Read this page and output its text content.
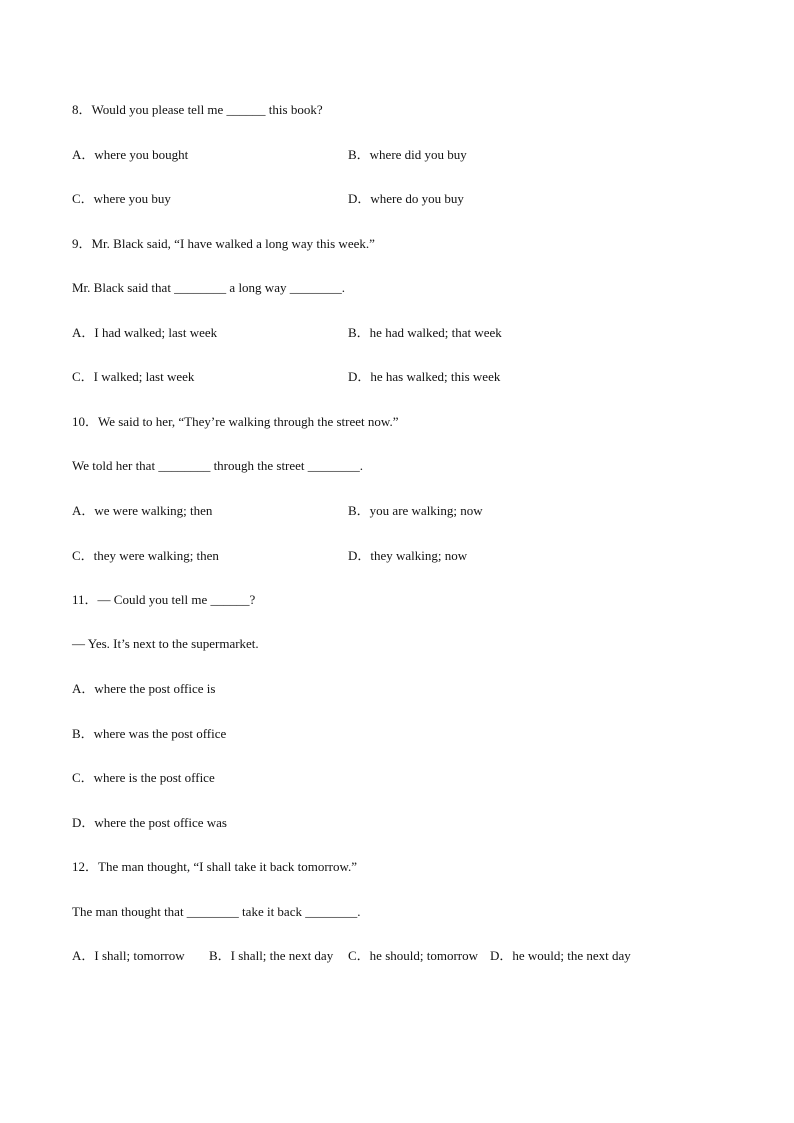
8．Would you please tell me ______ this book?
A．where you bought	B．where did you buy
C．where you buy	D．where do you buy
9．Mr. Black said, “I have walked a long way this week.”
Mr. Black said that ________ a long way ________.
A．I had walked; last week	B．he had walked; that week
C．I walked; last week	D．he has walked; this week
10．We said to her, “They’re walking through the street now.”
We told her that ________ through the street ________.
A．we were walking; then	B．you are walking; now
C．they were walking; then	D．they walking; now
11．— Could you tell me ______?
— Yes. It’s next to the supermarket.
A．where the post office is
B．where was the post office
C．where is the post office
D．where the post office was
12．The man thought, “I shall take it back tomorrow.”
The man thought that ________ take it back ________.
A．I shall; tomorrow B．I shall; the next day C．he should; tomorrow D．he would; the next day
